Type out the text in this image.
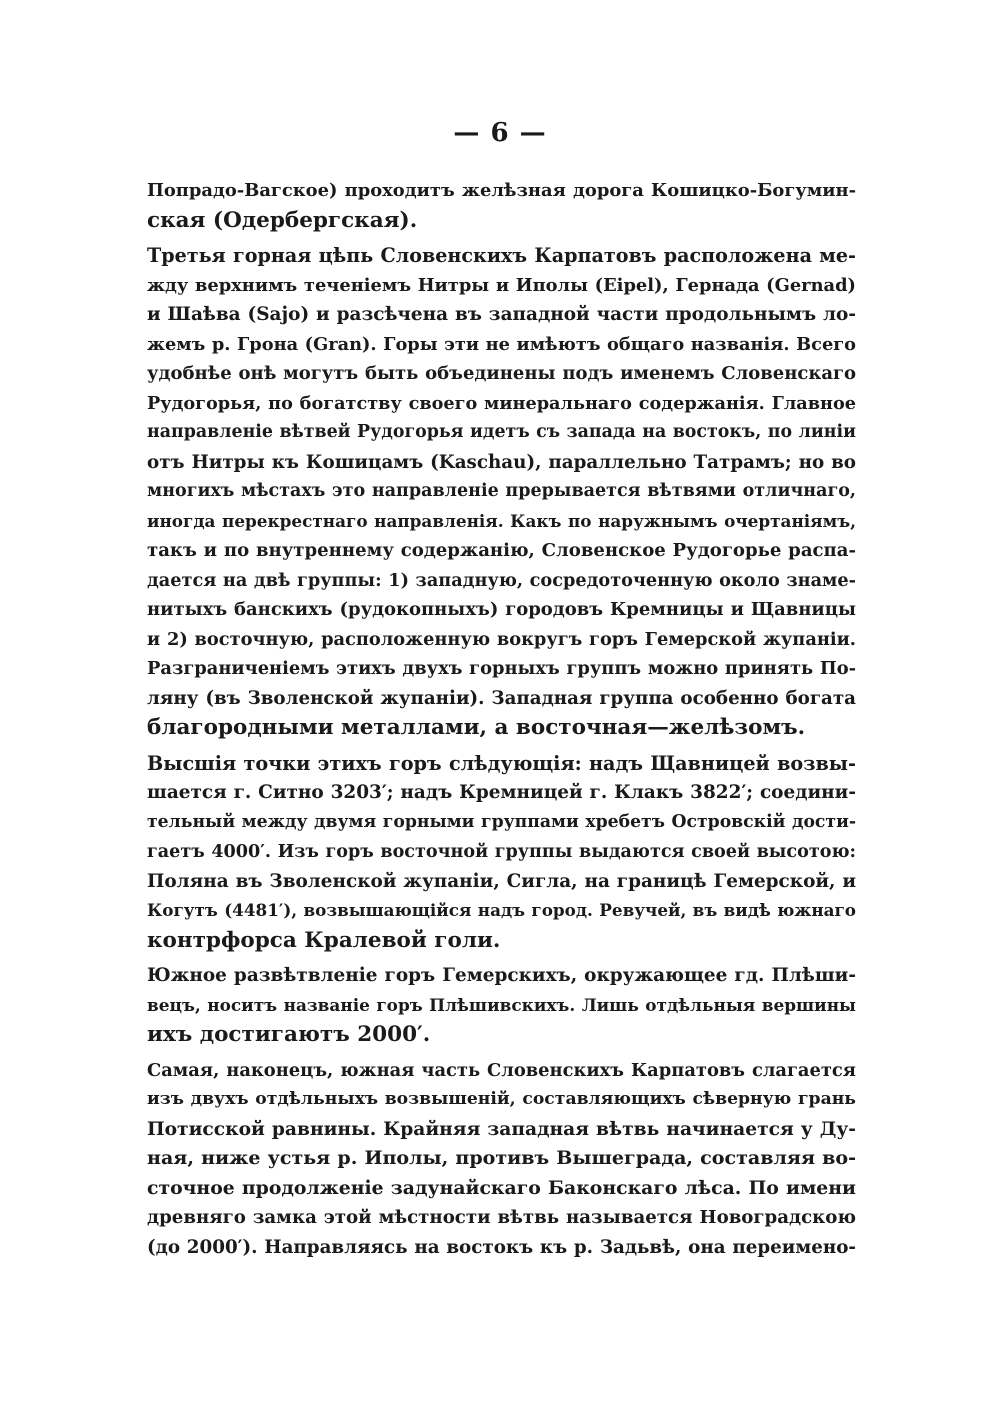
— 6 —
Попрадо-Вагское) проходитъ желѣзная дорога Кошицко-Богумин-
ская (Одербергская).
Третья горная цѣпь Словенскихъ Карпатовъ расположена ме-
жду верхнимъ теченіемъ Нитры и Иполы (Eipel), Гернада (Gernad)
и Шаѣва (Sajo) и разсѣчена въ западной части продольнымъ ло-
жемъ р. Грона (Gran). Горы эти не имѣютъ общаго названія. Всего
удобнѣе онѣ могутъ быть объединены подъ именемъ Словенскаго
Рудогорья, по богатству своего минеральнаго содержанія. Главное
направленіе вѣтвей Рудогорья идетъ съ запада на востокъ, по линіи
отъ Нитры къ Кошицамъ (Kaschau), параллельно Татрамъ; но во
многихъ мѣстахъ это направленіе прерывается вѣтвями отличнаго,
иногда перекрестнаго направленія. Какъ по наружнымъ очертаніямъ,
такъ и по внутреннему содержанію, Словенское Рудогорье распа-
дается на двѣ группы: 1) западную, сосредоточенную около знаме-
нитыхъ банскихъ (рудокопныхъ) городовъ Кремницы и Щавницы
и 2) восточную, расположенную вокругъ горъ Гемерской жупаніи.
Разграниченіемъ этихъ двухъ горныхъ группъ можно принять По-
ляну (въ Зволенской жупаніи). Западная группа особенно богата
благородными металлами, а восточная—желѣзомъ.
Высшія точки этихъ горъ слѣдующія: надъ Щавницей возвы-
шается г. Ситно 3203′; надъ Кремницей г. Клакъ 3822′; соедини-
тельный между двумя горными группами хребетъ Островскій дости-
гаетъ 4000′. Изъ горъ восточной группы выдаются своей высотою:
Поляна въ Зволенской жупаніи, Сигла, на границѣ Гемерской, и
Когутъ (4481′), возвышающійся надъ город. Ревучей, въ видѣ южнаго
контрфорса Кралевой голи.
Южное развѣтвленіе горъ Гемерскихъ, окружающее гд. Плѣши-
вецъ, носитъ названіе горъ Плѣшивскихъ. Лишь отдѣльныя вершины
ихъ достигаютъ 2000′.
Самая, наконецъ, южная часть Словенскихъ Карпатовъ слагается
изъ двухъ отдѣльныхъ возвышеній, составляющихъ сѣверную грань
Потисской равнины. Крайняя западная вѣтвь начинается у Ду-
ная, ниже устья р. Иполы, противъ Вышеграда, составляя во-
сточное продолженіе задунайскаго Баконскаго лѣса. По имени
древняго замка этой мѣстности вѣтвь называется Новоградскою
(до 2000′). Направляясь на востокъ къ р. Задьвѣ, она переимено-
